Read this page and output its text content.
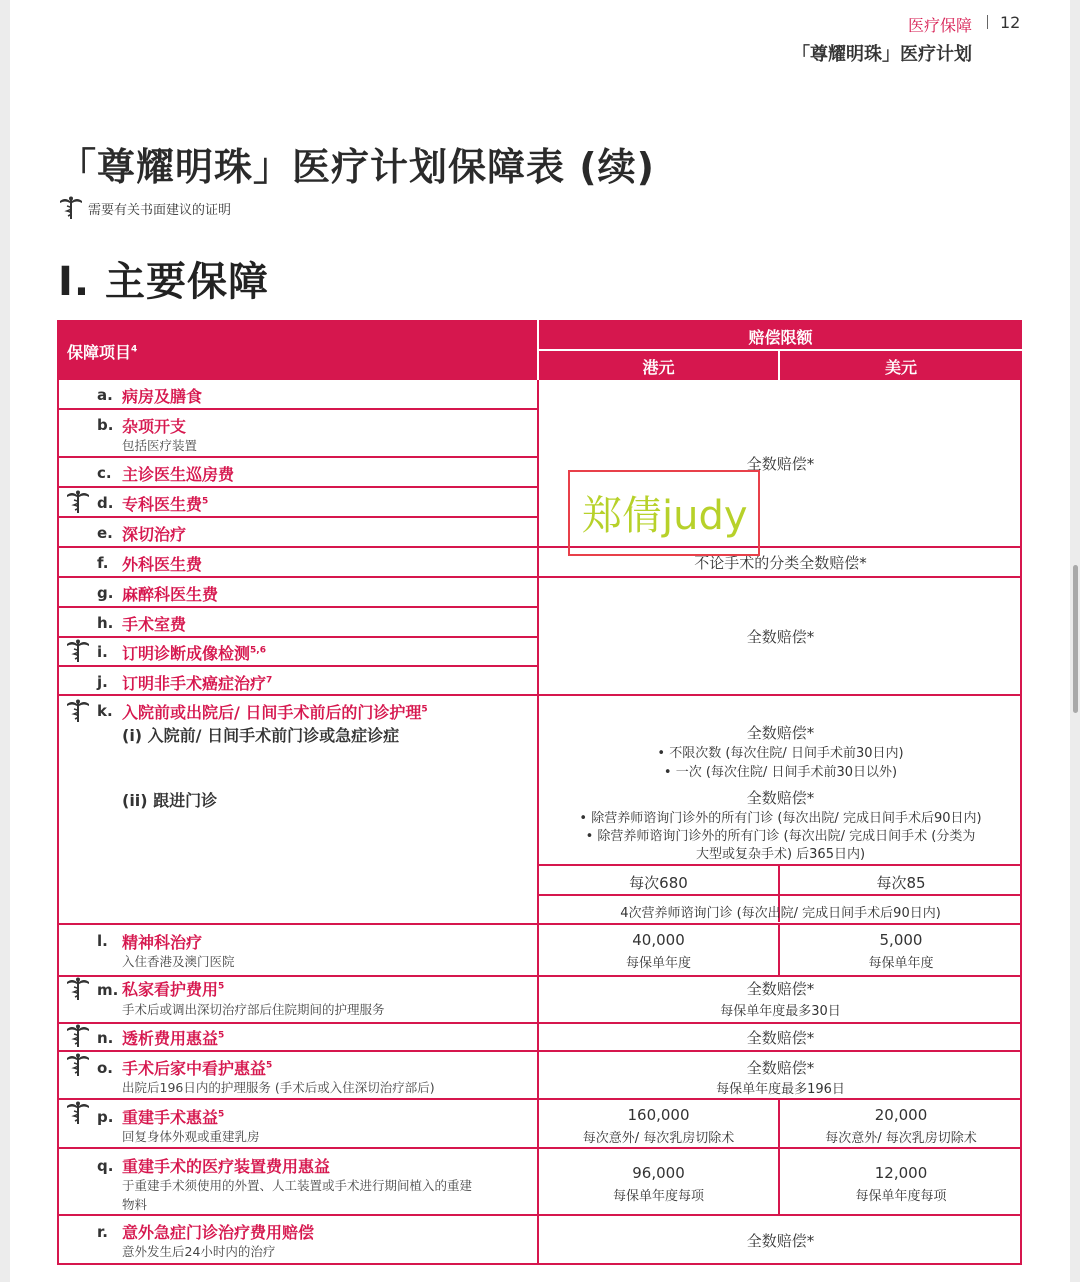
医疗保障 12
「尊耀明珠」医疗计划
「尊耀明珠」医疗计划保障表 (续)
需要有关书面建议的证明
I. 主要保障
保障项目$^4$
赔偿限额
港元	美元
a. 病房及膳食
b. 杂项开支
包括医疗装置
c. 主诊医生巡房费
d. 专科医生费$^5$
e. 深切治疗
f. 外科医生费
g. 麻醉科医生费
h. 手术室费
i. 订明诊断成像检测$^{5,6}$
j. 订明非手术癌症治疗$^7$
k. 入院前或出院后/ 日间手术前后的门诊护理$^5$
(i) 入院前/ 日间手术前门诊或急症诊症
(ii) 跟进门诊
l. 精神科治疗
入住香港及澳门医院
m. 私家看护费用$^5$
手术后或调出深切治疗部后住院期间的护理服务
n. 透析费用惠益$^5$
o. 手术后家中看护惠益$^5$
出院后196日内的护理服务 (手术后或入住深切治疗部后)
p. 重建手术惠益$^5$
回复身体外观或重建乳房
q. 重建手术的医疗装置费用惠益
于重建手术须使用的外置、人工装置或手术进行期间植入的重建
物料
r. 意外急症门诊治疗费用赔偿
意外发生后24小时内的治疗
全数赔偿*
不论手术的分类全数赔偿*
全数赔偿*
全数赔偿*
• 不限次数 (每次住院/ 日间手术前30日内)
• 一次 (每次住院/ 日间手术前30日以外)
全数赔偿*
• 除营养师谘询门诊外的所有门诊 (每次出院/ 完成日间手术后90日内)
• 除营养师谘询门诊外的所有门诊 (每次出院/ 完成日间手术 (分类为
大型或复杂手术) 后365日内)
每次680	每次85
4次营养师谘询门诊 (每次出院/ 完成日间手术后90日内)
40,000
每保单年度
5,000
每保单年度
全数赔偿*
每保单年度最多30日
全数赔偿*
全数赔偿*
每保单年度最多196日
160,000
每次意外/ 每次乳房切除术
20,000
每次意外/ 每次乳房切除术
96,000
每保单年度每项
12,000
每保单年度每项
全数赔偿*
郑倩judy
